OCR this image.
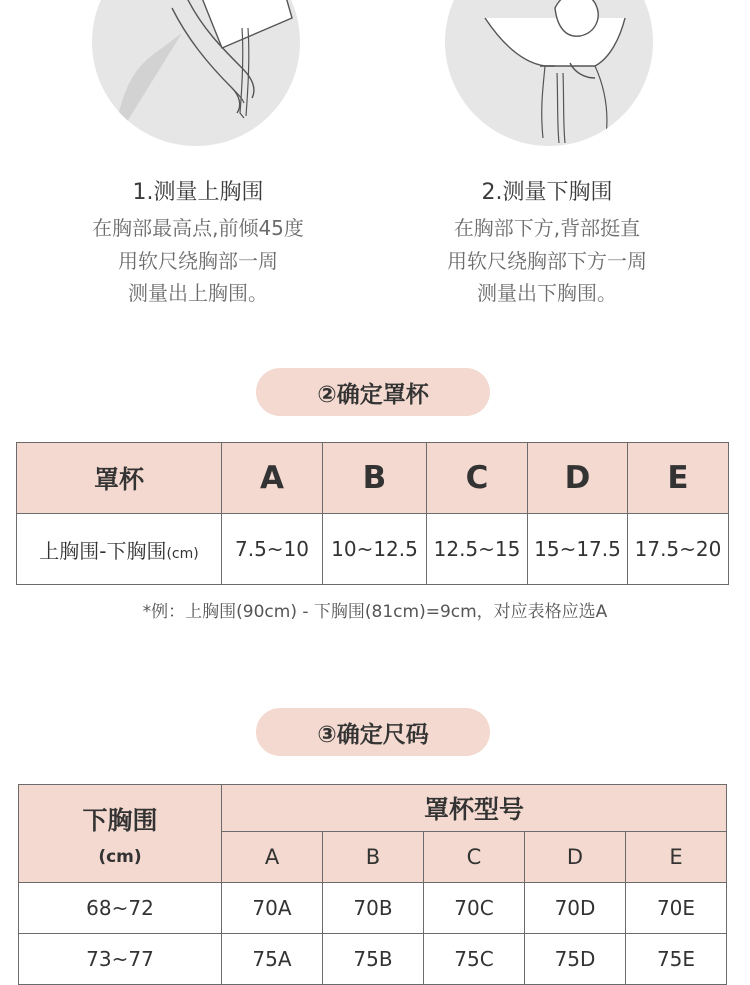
1.测量上胸围
在胸部最高点,前倾45度
用软尺绕胸部一周
测量出上胸围。
2.测量下胸围
在胸部下方,背部挺直
用软尺绕胸部下方一周
测量出下胸围。
②确定罩杯
罩杯	A	B	C	D	E
上胸围-下胸围(cm)	7.5~10	10~12.5	12.5~15	15~17.5	17.5~20
*例：上胸围(90cm) - 下胸围(81cm)=9cm，对应表格应选A
③确定尺码
下胸围
(cm)	罩杯型号				
	A	B	C	D	E
68~72	70A	70B	70C	70D	70E
73~77	75A	75B	75C	75D	75E
